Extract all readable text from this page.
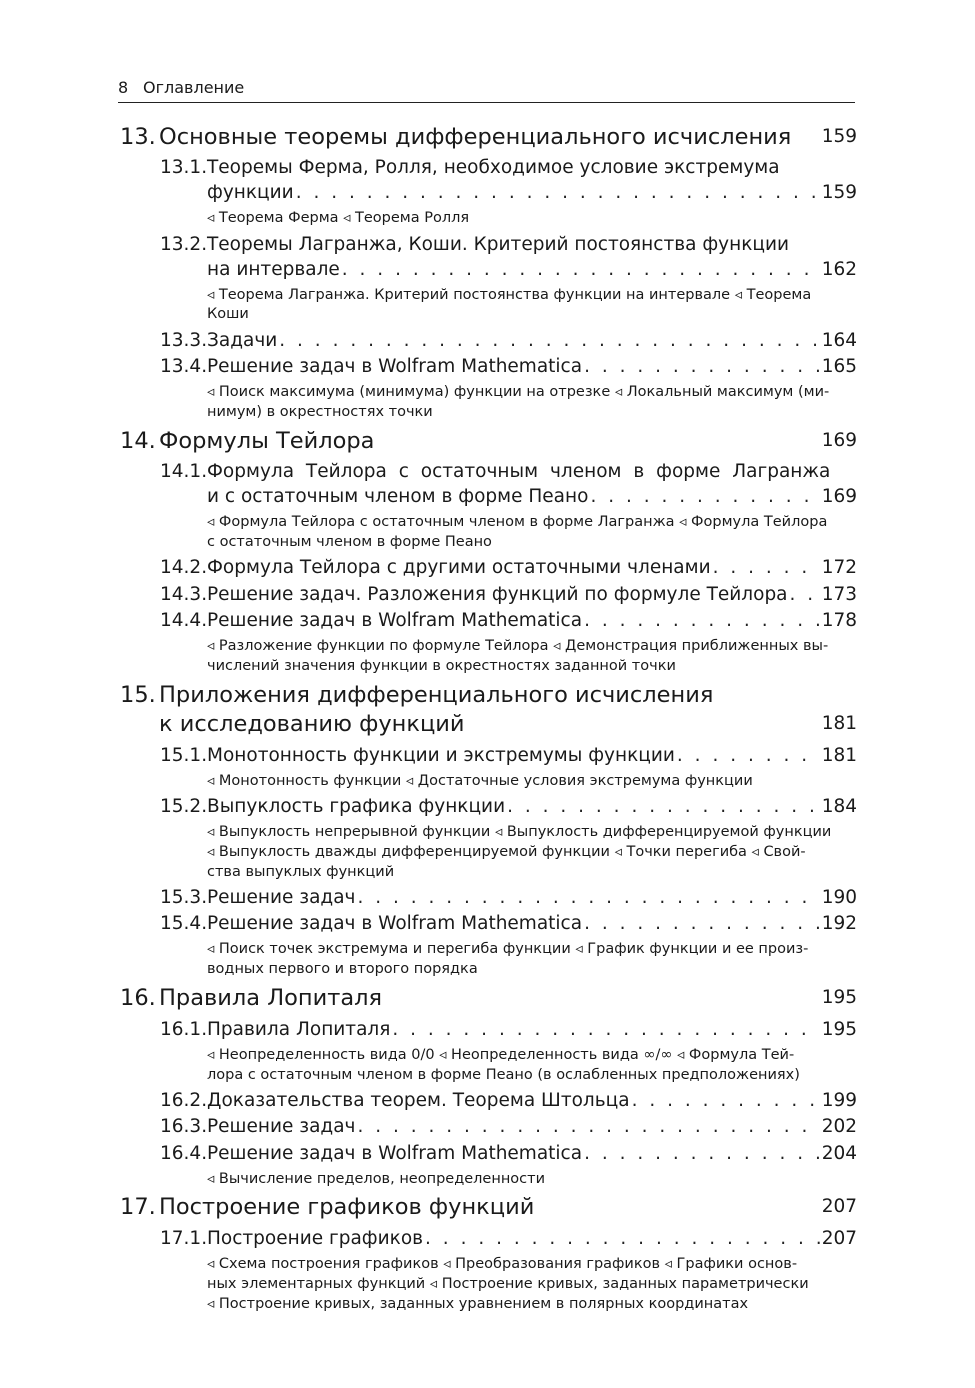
8 Оглавление
13. Основные теоремы дифференциального исчисления 159
13.1. Теоремы Ферма, Ролля, необходимое условие экстремума
функции . . .	159
◃ Теорема Ферма ◃ Теорема Ролля
13.2. Теоремы Лагранжа, Коши. Критерий постоянства функции
на интервале . . .	162
◃ Теорема Лагранжа. Критерий постоянства функции на интервале ◃ Теорема
Коши
13.3. Задачи . . .	164
13.4. Решение задач в Wolfram Mathematica . . .	165
◃ Поиск максимума (минимума) функции на отрезке ◃ Локальный максимум (ми-
нимум) в окрестностях точки
14. Формулы Тейлора	169
14.1. Формула Тейлора с остаточным членом в форме Лагранжа
и с остаточным членом в форме Пеано . . .	169
◃ Формула Тейлора с остаточным членом в форме Лагранжа ◃ Формула Тейлора
с остаточным членом в форме Пеано
14.2. Формула Тейлора с другими остаточными членами . . .	172
14.3. Решение задач. Разложения функций по формуле Тейлора . . . 173
14.4. Решение задач в Wolfram Mathematica . . .	178
◃ Разложение функции по формуле Тейлора ◃ Демонстрация приближенных вы-
числений значения функции в окрестностях заданной точки
15. Приложения дифференциального исчисления
к исследованию функций	181
15.1. Монотонность функции и экстремумы функции . . .	181
◃ Монотонность функции ◃ Достаточные условия экстремума функции
15.2. Выпуклость графика функции . . .	184
◃ Выпуклость непрерывной функции ◃ Выпуклость дифференцируемой функции
◃ Выпуклость дважды дифференцируемой функции ◃ Точки перегиба ◃ Свой-
ства выпуклых функций
15.3. Решение задач . . .	190
15.4. Решение задач в Wolfram Mathematica . . .	192
◃ Поиск точек экстремума и перегиба функции ◃ График функции и ее произ-
водных первого и второго порядка
16. Правила Лопиталя	195
16.1. Правила Лопиталя . . .	195
◃ Неопределенность вида 0/0 ◃ Неопределенность вида ∞/∞ ◃ Формула Тей-
лора с остаточным членом в форме Пеано (в ослабленных предположениях)
16.2. Доказательства теорем. Теорема Штольца . . .	199
16.3. Решение задач . . .	202
16.4. Решение задач в Wolfram Mathematica . . .	204
◃ Вычисление пределов, неопределенности
17. Построение графиков функций	207
17.1. Построение графиков . . .	207
◃ Схема построения графиков ◃ Преобразования графиков ◃ Графики основ-
ных элементарных функций ◃ Построение кривых, заданных параметрически
◃ Построение кривых, заданных уравнением в полярных координатах
